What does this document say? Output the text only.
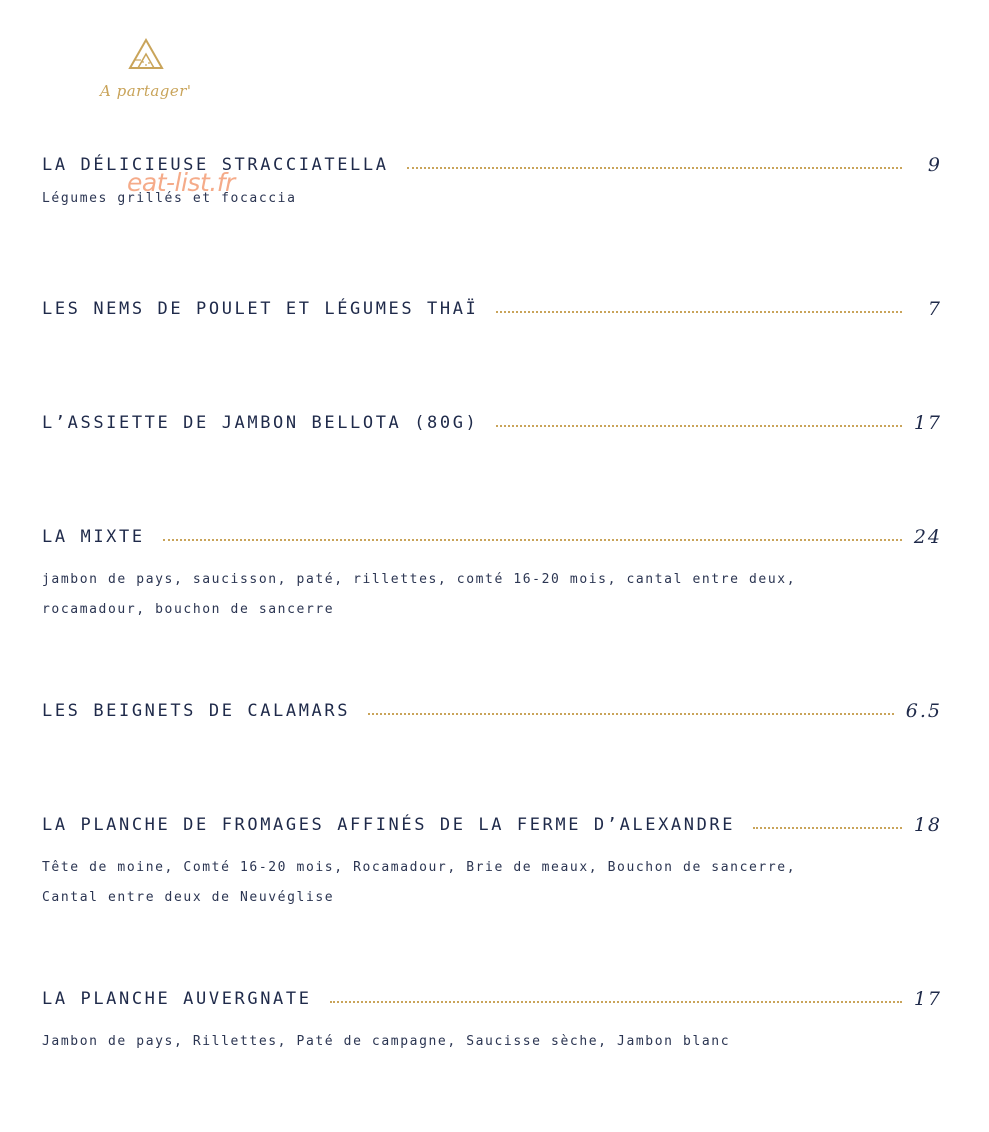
A partager'
LA DÉLICIEUSE STRACCIATELLA	9
Légumes grillés et focaccia
LES NEMS DE POULET ET LÉGUMES THAÏ	7
L’ASSIETTE DE JAMBON BELLOTA (80G)	17
LA MIXTE	24
jambon de pays, saucisson, paté, rillettes, comté 16-20 mois, cantal entre deux,
rocamadour, bouchon de sancerre
LES BEIGNETS DE CALAMARS	6.5
LA PLANCHE DE FROMAGES AFFINÉS DE LA FERME D’ALEXANDRE	18
Tête de moine, Comté 16-20 mois, Rocamadour, Brie de meaux, Bouchon de sancerre,
Cantal entre deux de Neuvéglise
LA PLANCHE AUVERGNATE	17
Jambon de pays, Rillettes, Paté de campagne, Saucisse sèche, Jambon blanc
eat-list.fr
